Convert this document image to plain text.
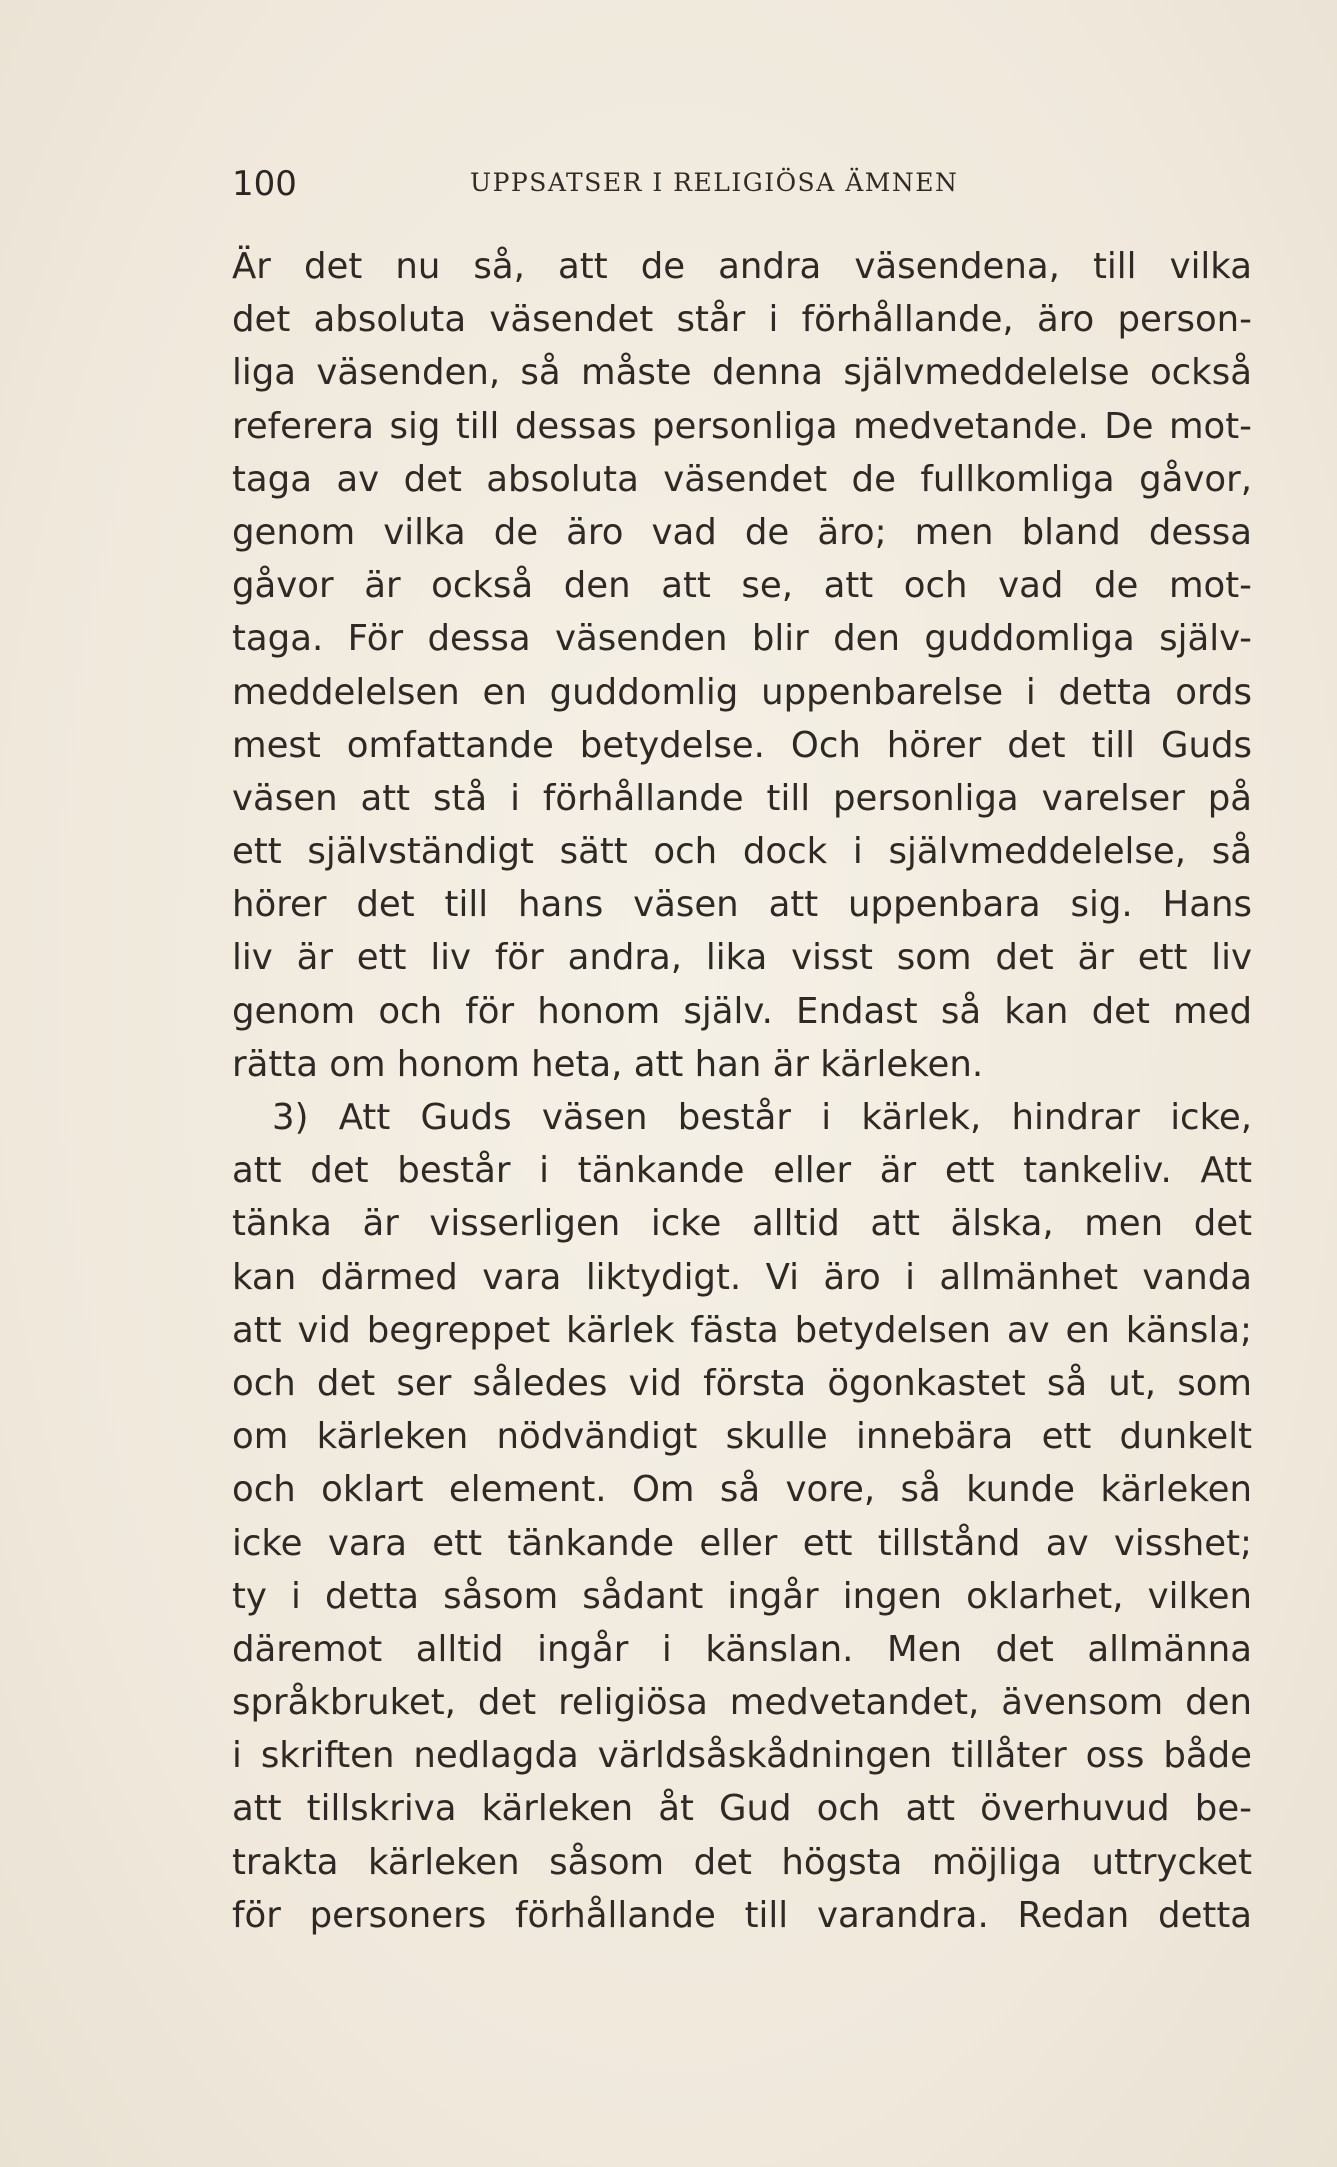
100	UPPSATSER I RELIGIÖSA ÄMNEN
Är det nu så, att de andra väsendena, till vilka
det absoluta väsendet står i förhållande, äro person-
liga väsenden, så måste denna självmeddelelse också
referera sig till dessas personliga medvetande. De mot-
taga av det absoluta väsendet de fullkomliga gåvor,
genom vilka de äro vad de äro; men bland dessa
gåvor är också den att se, att och vad de mot-
taga. För dessa väsenden blir den guddomliga själv-
meddelelsen en guddomlig uppenbarelse i detta ords
mest omfattande betydelse. Och hörer det till Guds
väsen att stå i förhållande till personliga varelser på
ett självständigt sätt och dock i självmeddelelse, så
hörer det till hans väsen att uppenbara sig. Hans
liv är ett liv för andra, lika visst som det är ett liv
genom och för honom själv. Endast så kan det med
rätta om honom heta, att han är kärleken.
3) Att Guds väsen består i kärlek, hindrar icke,
att det består i tänkande eller är ett tankeliv. Att
tänka är visserligen icke alltid att älska, men det
kan därmed vara liktydigt. Vi äro i allmänhet vanda
att vid begreppet kärlek fästa betydelsen av en känsla;
och det ser således vid första ögonkastet så ut, som
om kärleken nödvändigt skulle innebära ett dunkelt
och oklart element. Om så vore, så kunde kärleken
icke vara ett tänkande eller ett tillstånd av visshet;
ty i detta såsom sådant ingår ingen oklarhet, vilken
däremot alltid ingår i känslan. Men det allmänna
språkbruket, det religiösa medvetandet, ävensom den
i skriften nedlagda världsåskådningen tillåter oss både
att tillskriva kärleken åt Gud och att överhuvud be-
trakta kärleken såsom det högsta möjliga uttrycket
för personers förhållande till varandra. Redan detta
